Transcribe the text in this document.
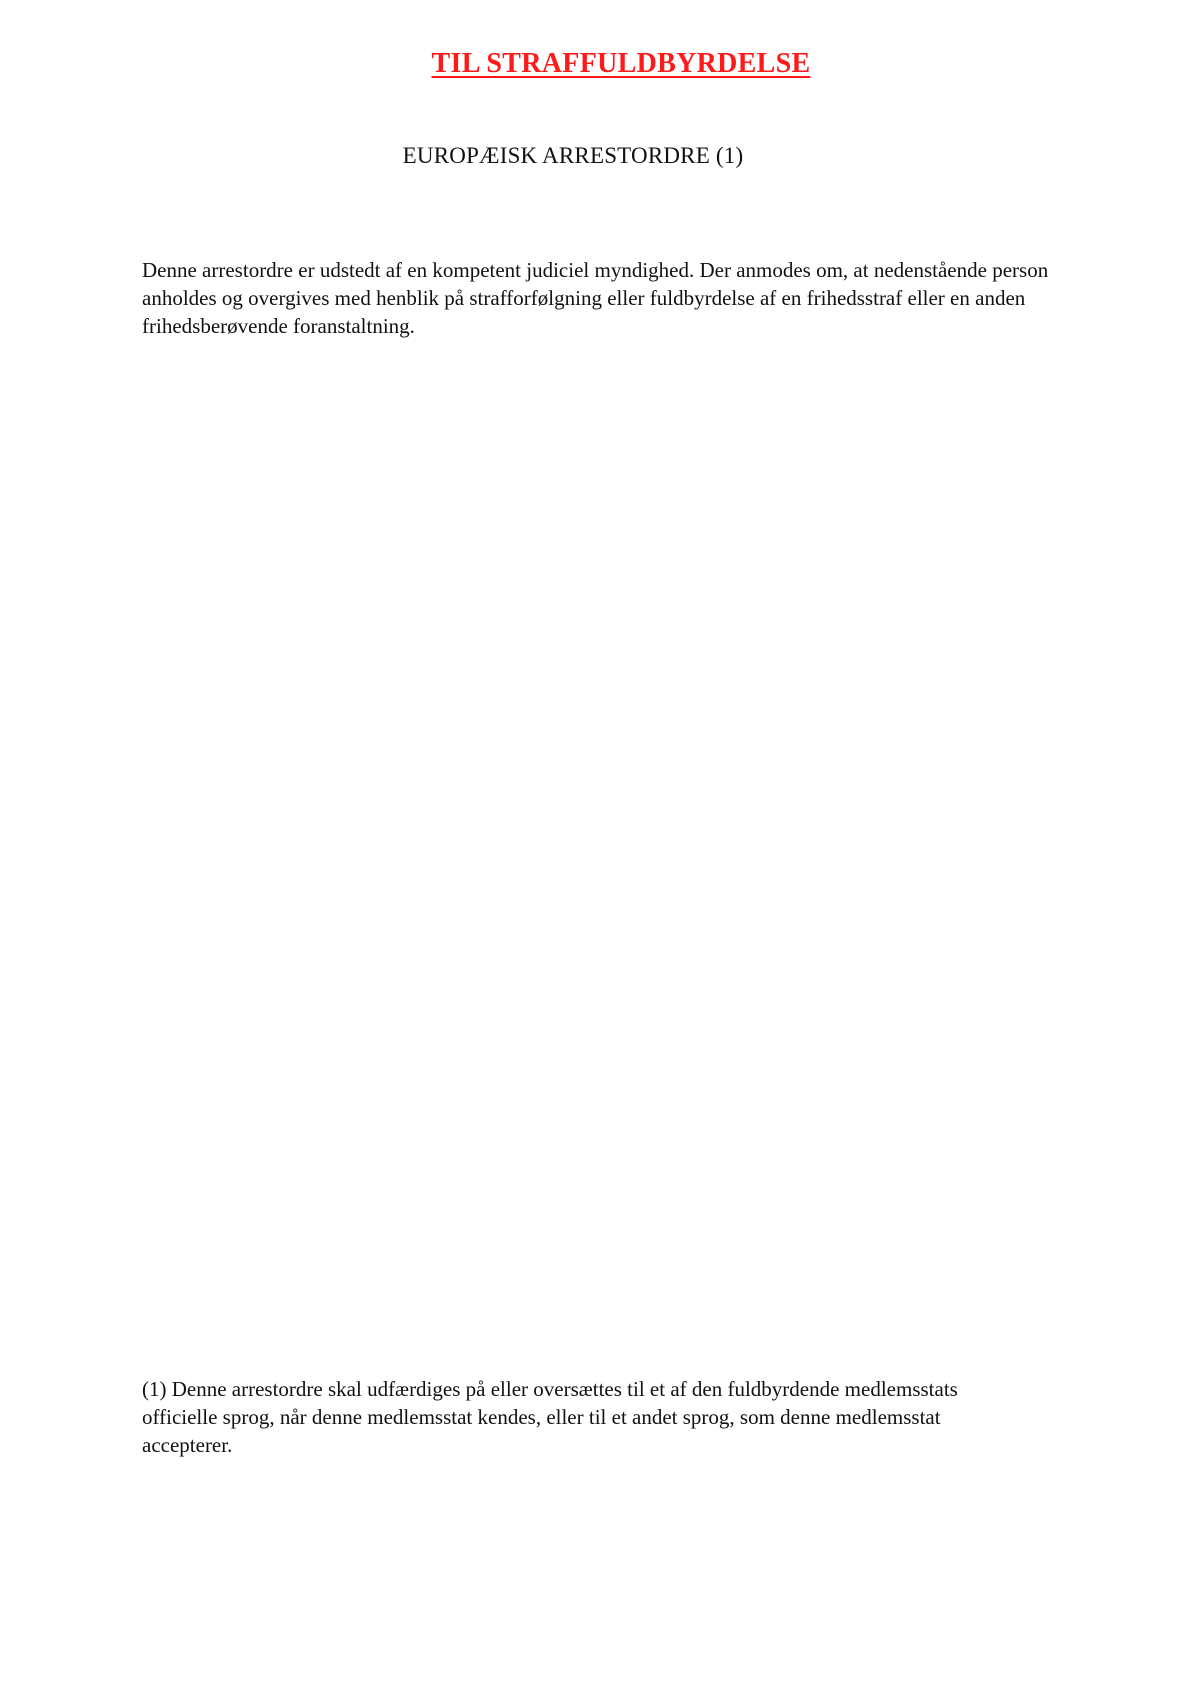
TIL STRAFFULDBYRDELSE
EUROPÆISK ARRESTORDRE (1)

Denne arrestordre er udstedt af en kompetent judiciel myndighed. Der anmodes om, at nedenstående person anholdes og overgives med henblik på strafforfølgning eller fuldbyrdelse af en frihedsstraf eller en anden frihedsberøvende foranstaltning.

(1) Denne arrestordre skal udfærdiges på eller oversættes til et af den fuldbyrdende medlemsstats officielle sprog, når denne medlemsstat kendes, eller til et andet sprog, som denne medlemsstat accepterer.
